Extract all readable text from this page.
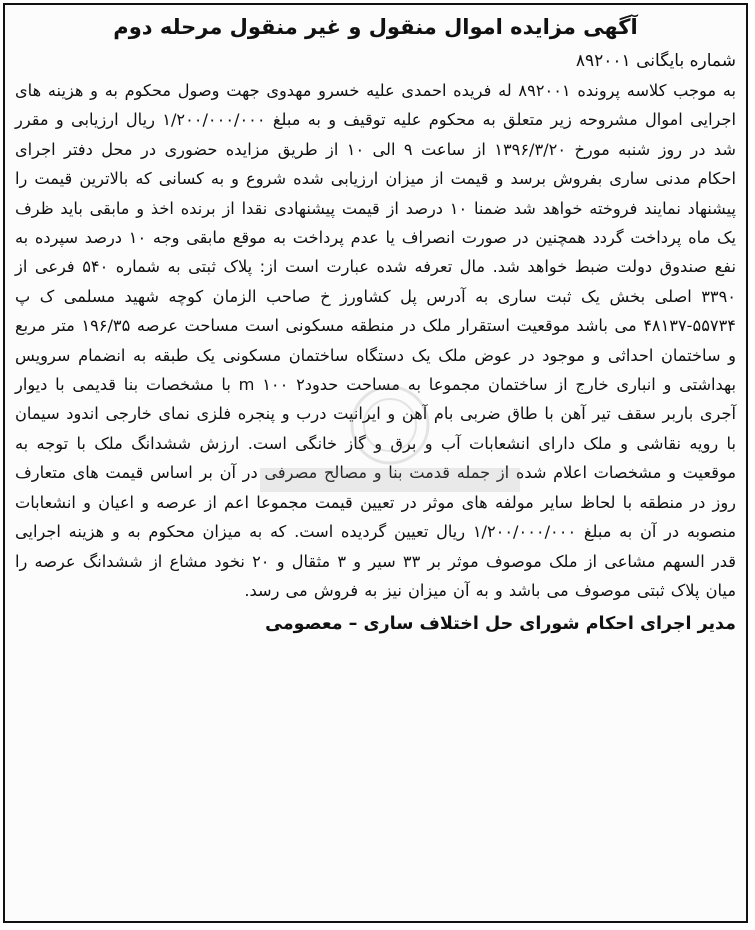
آگهی مزایده اموال منقول و غیر منقول مرحله دوم

شماره بایگانی ۸۹۲۰۰۱

به موجب کلاسه پرونده ۸۹۲۰۰۱ له فریده احمدی علیه خسرو مهدوی جهت وصول محکوم به و هزینه های اجرایی اموال مشروحه زیر متعلق به محکوم علیه توقیف و به مبلغ ۱/۲۰۰/۰۰۰/۰۰۰ ریال ارزیابی و مقرر شد در روز شنبه مورخ ۱۳۹۶/۳/۲۰ از ساعت ۹ الی ۱۰ از طریق مزایده حضوری در محل دفتر اجرای احکام مدنی ساری بفروش برسد و قیمت از میزان ارزیابی شده شروع و به کسانی که بالاترین قیمت را پیشنهاد نمایند فروخته خواهد شد ضمنا ۱۰ درصد از قیمت پیشنهادی نقدا از برنده اخذ و مابقی باید ظرف یک ماه پرداخت گردد همچنین در صورت انصراف یا عدم پرداخت به موقع مابقی وجه ۱۰ درصد سپرده به نفع صندوق دولت ضبط خواهد شد. مال تعرفه شده عبارت است از: پلاک ثبتی به شماره ۵۴۰ فرعی از ۳۳۹۰ اصلی بخش یک ثبت ساری به آدرس پل کشاورز خ صاحب الزمان کوچه شهید مسلمی ک پ ۵۵۷۳۴-۴۸۱۳۷ می باشد موقعیت استقرار ملک در منطقه مسکونی است مساحت عرصه ۱۹۶/۳۵ متر مربع و ساختمان احداثی و موجود در عوض ملک یک دستگاه ساختمان مسکونی یک طبقه به انضمام سرویس بهداشتی و انباری خارج از ساختمان مجموعا به مساحت حدود۲ m ۱۰۰ با مشخصات بنا قدیمی با دیوار آجری باربر سقف تیر آهن با طاق ضربی بام آهن و ایرانیت درب و پنجره فلزی نمای خارجی اندود سیمان با رویه نقاشی و ملک دارای انشعابات آب و برق و گاز خانگی است. ارزش ششدانگ ملک با توجه به موقعیت و مشخصات اعلام شده از جمله قدمت بنا و مصالح مصرفی در آن بر اساس قیمت های متعارف روز در منطقه با لحاظ سایر مولفه های موثر در تعیین قیمت مجموعا اعم از عرصه و اعیان و انشعابات منصوبه در آن به مبلغ ۱/۲۰۰/۰۰۰/۰۰۰ ریال تعیین گردیده است. که به میزان محکوم به و هزینه اجرایی قدر السهم مشاعی از ملک موصوف موثر بر ۳۳ سیر و ۳ مثقال و ۲۰ نخود مشاع از ششدانگ عرصه را میان پلاک ثبتی موصوف می باشد و به آن میزان نیز به فروش می رسد.

مدیر اجرای احکام شورای حل اختلاف ساری – معصومی
